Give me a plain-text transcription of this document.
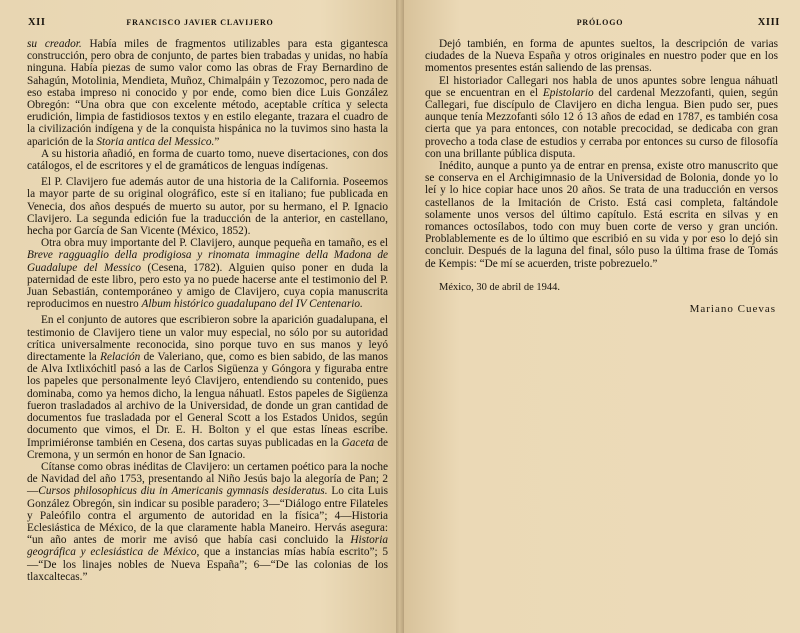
XII	FRANCISCO JAVIER CLAVIJERO

su creador. Había miles de fragmentos utilizables para esta gigantesca construcción, pero obra de conjunto, de partes bien trabadas y unidas, no había ninguna. Había piezas de sumo valor como las obras de Fray Bernardino de Sahagún, Motolinia, Mendieta, Muñoz, Chimalpáin y Tezozomoc, pero nada de eso estaba impreso ni conocido y por ende, como bien dice Luis González Obregón: “Una obra que con excelente método, aceptable crítica y selecta erudición, limpia de fastidiosos textos y en estilo elegante, trazara el cuadro de la civilización indígena y de la conquista hispánica no la tuvimos sino hasta la aparición de la Storia antica del Messico.”

A su historia añadió, en forma de cuarto tomo, nueve disertaciones, con dos catálogos, el de escritores y el de gramáticos de lenguas indígenas.

El P. Clavijero fue además autor de una historia de la California. Poseemos la mayor parte de su original olográfico, este sí en italiano; fue publicada en Venecia, dos años después de muerto su autor, por su hermano, el P. Ignacio Clavijero. La segunda edición fue la traducción de la anterior, en castellano, hecha por García de San Vicente (México, 1852).

Otra obra muy importante del P. Clavijero, aunque pequeña en tamaño, es el Breve ragguaglio della prodigiosa y rinomata immagine della Madona de Guadalupe del Messico (Cesena, 1782). Alguien quiso poner en duda la paternidad de este libro, pero esto ya no puede hacerse ante el testimonio del P. Juan Sebastián, contemporáneo y amigo de Clavijero, cuya copia manuscrita reproducimos en nuestro Album histórico guadalupano del IV Centenario.

En el conjunto de autores que escribieron sobre la aparición guadalupana, el testimonio de Clavijero tiene un valor muy especial, no sólo por su autoridad crítica universalmente reconocida, sino porque tuvo en sus manos y leyó directamente la Relación de Valeriano, que, como es bien sabido, de las manos de Alva Ixtlixóchitl pasó a las de Carlos Sigüenza y Góngora y figuraba entre los papeles que personalmente leyó Clavijero, entendiendo su contenido, pues dominaba, como ya hemos dicho, la lengua náhuatl. Estos papeles de Sigüenza fueron trasladados al archivo de la Universidad, de donde un gran cantidad de documentos fue trasladada por el General Scott a los Estados Unidos, según documento que vimos, el Dr. E. H. Bolton y el que estas líneas escribe. Imprimiéronse también en Cesena, dos cartas suyas publicadas en la Gaceta de Cremona, y un sermón en honor de San Ignacio.

Cítanse como obras inéditas de Clavijero: un certamen poético para la noche de Navidad del año 1753, presentando al Niño Jesús bajo la alegoría de Pan; 2—Cursos philosophicus diu in Americanis gymnasis desideratus. Lo cita Luis González Obregón, sin indicar su posible paradero; 3—“Diálogo entre Filateles y Paleófilo contra el argumento de autoridad en la física”; 4—Historia Eclesiástica de México, de la que claramente habla Maneiro. Hervás asegura: “un año antes de morir me avisó que había casi concluido la Historia geográfica y eclesiástica de México, que a instancias mías había escrito”; 5—“De los linajes nobles de Nueva España”; 6—“De las colonias de los tlaxcaltecas.”

PRÓLOGO	XIII

Dejó también, en forma de apuntes sueltos, la descripción de varias ciudades de la Nueva España y otros originales en nuestro poder que en los momentos presentes están saliendo de las prensas.

El historiador Callegari nos habla de unos apuntes sobre lengua náhuatl que se encuentran en el Epistolario del cardenal Mezzofanti, quien, según Callegari, fue discípulo de Clavijero en dicha lengua. Bien pudo ser, pues aunque tenía Mezzofanti sólo 12 ó 13 años de edad en 1787, es también cosa cierta que ya para entonces, con notable precocidad, se dedicaba con gran provecho a toda clase de estudios y cerraba por entonces su curso de filosofía con una brillante pública disputa.

Inédito, aunque a punto ya de entrar en prensa, existe otro manuscrito que se conserva en el Archigimnasio de la Universidad de Bolonia, donde yo lo leí y lo hice copiar hace unos 20 años. Se trata de una traducción en versos castellanos de la Imitación de Cristo. Está casi completa, faltándole solamente unos versos del último capítulo. Está escrita en silvas y en romances octosílabos, todo con muy buen corte de verso y gran unción. Problablemente es de lo último que escribió en su vida y por eso lo dejó sin concluir. Después de la laguna del final, sólo puso la última frase de Tomás de Kempis: “De mí se acuerden, triste pobrezuelo.”

México, 30 de abril de 1944.
Mariano Cuevas
